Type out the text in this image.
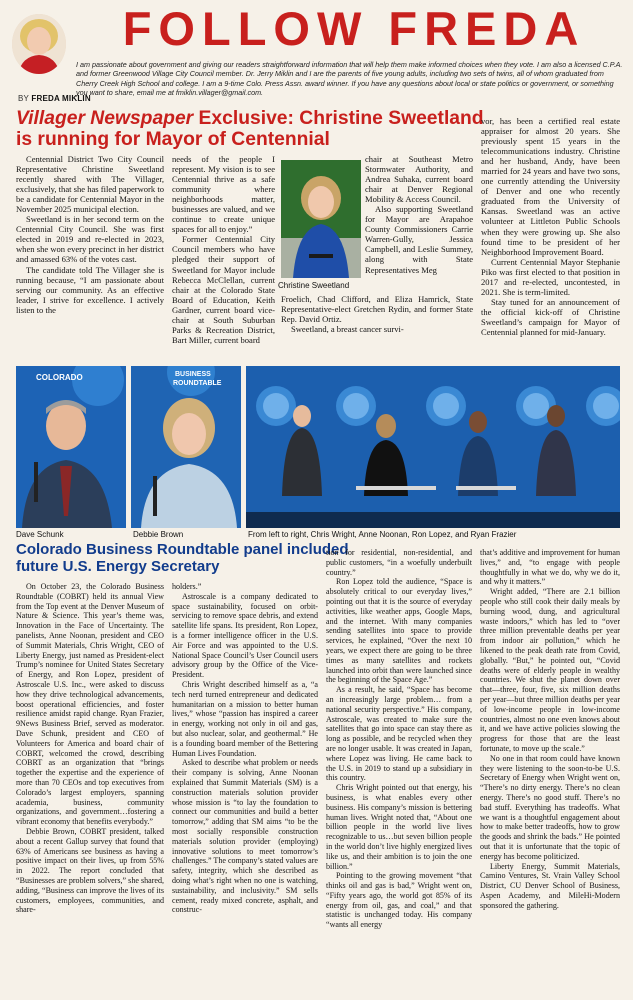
FOLLOW FREDA
I am passionate about government and giving our readers straightforward information that will help them make informed choices when they vote. I am also a licensed C.P.A. and former Greenwood Village City Council member. Dr. Jerry Miklin and I are the parents of five young adults, including two sets of twins, all of whom graduated from Cherry Creek High School and college. I am a 9-time Colo. Press Assn. award winner. If you have any questions about local or state politics or government, or something you want to share, email me at fmiklin.villager@gmail.com.
BY FREDA MIKLIN
Villager Newspaper Exclusive: Christine Sweetland is running for Mayor of Centennial

Centennial District Two City Council Representative Christine Sweetland recently shared with The Villager, exclusively, that she has filed paperwork to be a candidate for Centennial Mayor in the November 2025 municipal election.

Sweetland is in her second term on the Centennial City Council. She was first elected in 2019 and re-elected in 2023, when she won every precinct in her district and amassed 63% of the votes cast.

The candidate told The Villager she is running because, “I am passionate about serving our community. As an effective leader, I strive for excellence. I actively listen to the

needs of the people I represent. My vision is to see Centennial thrive as a safe community where neighborhoods matter, businesses are valued, and we continue to create unique spaces for all to enjoy.”

Former Centennial City Council members who have pledged their support of Sweetland for Mayor include Rebecca McClellan, current chair at the Colorado State Board of Education, Keith Gardner, current board vice-chair at South Suburban Parks & Recreation District, Bart Miller, current board

Christine Sweetland

chair at Southeast Metro Stormwater Authority, and Andrea Suhaka, current board chair at Denver Regional Mobility & Access Council.

Also supporting Sweetland for Mayor are Arapahoe County Commissioners Carrie Warren-Gully, Jessica Campbell, and Leslie Summey, along with State Representatives Meg

Froelich, Chad Clifford, and Eliza Hamrick, State Representative-elect Gretchen Rydin, and former State Rep. David Ortiz.

Sweetland, a breast cancer survi-

vor, has been a certified real estate appraiser for almost 20 years. She previously spent 15 years in the telecommunications industry. Christine and her husband, Andy, have been married for 24 years and have two sons, one currently attending the University of Denver and one who recently graduated from the University of Kansas. Sweetland was an active volunteer at Littleton Public Schools when they were growing up. She also found time to be president of her Neighborhood Improvement Board.

Current Centennial Mayor Stephanie Piko was first elected to that position in 2017 and re-elected, uncontested, in 2021. She is term-limited.

Stay tuned for an announcement of the official kick-off of Christine Sweetland’s campaign for Mayor of Centennial planned for mid-January.

COLORADO	BUSINESS
ROUNDTABLE
Dave Schunk	Debbie Brown	From left to right, Chris Wright, Anne Noonan, Ron Lopez, and Ryan Frazier
Colorado Business Roundtable panel included future U.S. Energy Secretary

On October 23, the Colorado Business Roundtable (COBRT) held its annual View from the Top event at the Denver Museum of Nature & Science. This year’s theme was, Innovation in the Face of Uncertainty. The panelists, Anne Noonan, president and CEO of Summit Materials, Chris Wright, CEO of Liberty Energy, just named as President-elect Trump’s nominee for United States Secretary of Energy, and Ron Lopez, president of Astroscale U.S. Inc., were asked to discuss how they drive technological advancements, boost operational efficiencies, and foster resilience amidst rapid change. Ryan Frazier, 9News Business Brief, served as moderator. Dave Schunk, president and CEO of Volunteers for America and board chair of COBRT, welcomed the crowd, describing COBRT as an organization that “brings together the expertise and the experience of more than 70 CEOs and top executives from Colorado’s largest employers, spanning academia, business, community organizations, and government…fostering a vibrant economy that benefits everybody.”

Debbie Brown, COBRT president, talked about a recent Gallup survey that found that 63% of Americans see business as having a positive impact on their lives, up from 55% in 2022. The report concluded that “Businesses are problem solvers,” she shared, adding, “Business can improve the lives of its customers, employees, communities, and share-

holders.”

Astroscale is a company dedicated to space sustainability, focused on orbit-servicing to remove space debris, and extend satellite life spans. Its president, Ron Lopez, is a former intelligence officer in the U.S. Air Force and was appointed to the U.S. National Space Council’s User Council users advisory group by the Office of the Vice-President.

Chris Wright described himself as a, “a tech nerd turned entrepreneur and dedicated humanitarian on a mission to better human lives,” whose “passion has inspired a career in energy, working not only in oil and gas, but also nuclear, solar, and geothermal.” He is a founding board member of the Bettering Human Lives Foundation.

Asked to describe what problem or needs their company is solving, Anne Noonan explained that Summit Materials (SM) is a construction materials solution provider whose mission is “to lay the foundation to connect our communities and build a better tomorrow,” adding that SM aims “to be the most socially responsible construction materials solution provider (employing) innovative solutions to meet tomorrow’s challenges.” The company’s stated values are safety, integrity, which she described as doing what’s right when no one is watching, sustainability, and inclusivity.” SM sells cement, ready mixed concrete, asphalt, and construc-

tion for residential, non-residential, and public customers, “in a woefully underbuilt country.”

Ron Lopez told the audience, “Space is absolutely critical to our everyday lives,” pointing out that it is the source of everyday activities, like weather apps, Google Maps, and the internet. With many companies sending satellites into space to provide services, he explained, “Over the next 10 years, we expect there are going to be three times as many satellites and rockets launched into orbit than were launched since the beginning of the Space Age.”

As a result, he said, “Space has become an increasingly large problem… from a national security perspective.” His company, Astroscale, was created to make sure the satellites that go into space can stay there as long as possible, and be recycled when they are no longer usable. It was created in Japan, where Lopez was living. He came back to the U.S. in 2019 to stand up a subsidiary in this country.

Chris Wright pointed out that energy, his business, is what enables every other business. His company’s mission is bettering human lives. Wright noted that, “About one billion people in the world live lives recognizable to us…but seven billion people in the world don’t live highly energized lives like us, and their ambition is to join the one billion.”

Pointing to the growing movement “that thinks oil and gas is bad,” Wright went on, “Fifty years ago, the world got 85% of its energy from oil, gas, and coal,” and that statistic is unchanged today. His company “wants all energy

that’s additive and improvement for human lives,” and, “to engage with people thoughtfully in what we do, why we do it, and why it matters.”

Wright added, “There are 2.1 billion people who still cook their daily meals by burning wood, dung, and agricultural waste indoors,” which has led to “over three million preventable deaths per year from indoor air pollution,” which he likened to the peak death rate from Covid, globally. “But,” he pointed out, “Covid deaths were of elderly people in wealthy countries. We shut the planet down over that—three, four, five, six million deaths per year—but three million deaths per year of low-income people in low-income countries, almost no one even knows about it, and we have active policies slowing the progress for those that are the least fortunate, to move up the scale.”

No one in that room could have known they were listening to the soon-to-be U.S. Secretary of Energy when Wright went on, “There’s no dirty energy. There’s no clean energy. There’s no good stuff. There’s no bad stuff. Everything has tradeoffs. What we want is a thoughtful engagement about how to make better tradeoffs, how to grow the goods and shrink the bads.” He pointed out that it is unfortunate that the topic of energy has become politicized.

Liberty Energy, Summit Materials, Camino Ventures, St. Vrain Valley School District, CU Denver School of Business, Aspen Academy, and MileHi-Modern sponsored the gathering.
